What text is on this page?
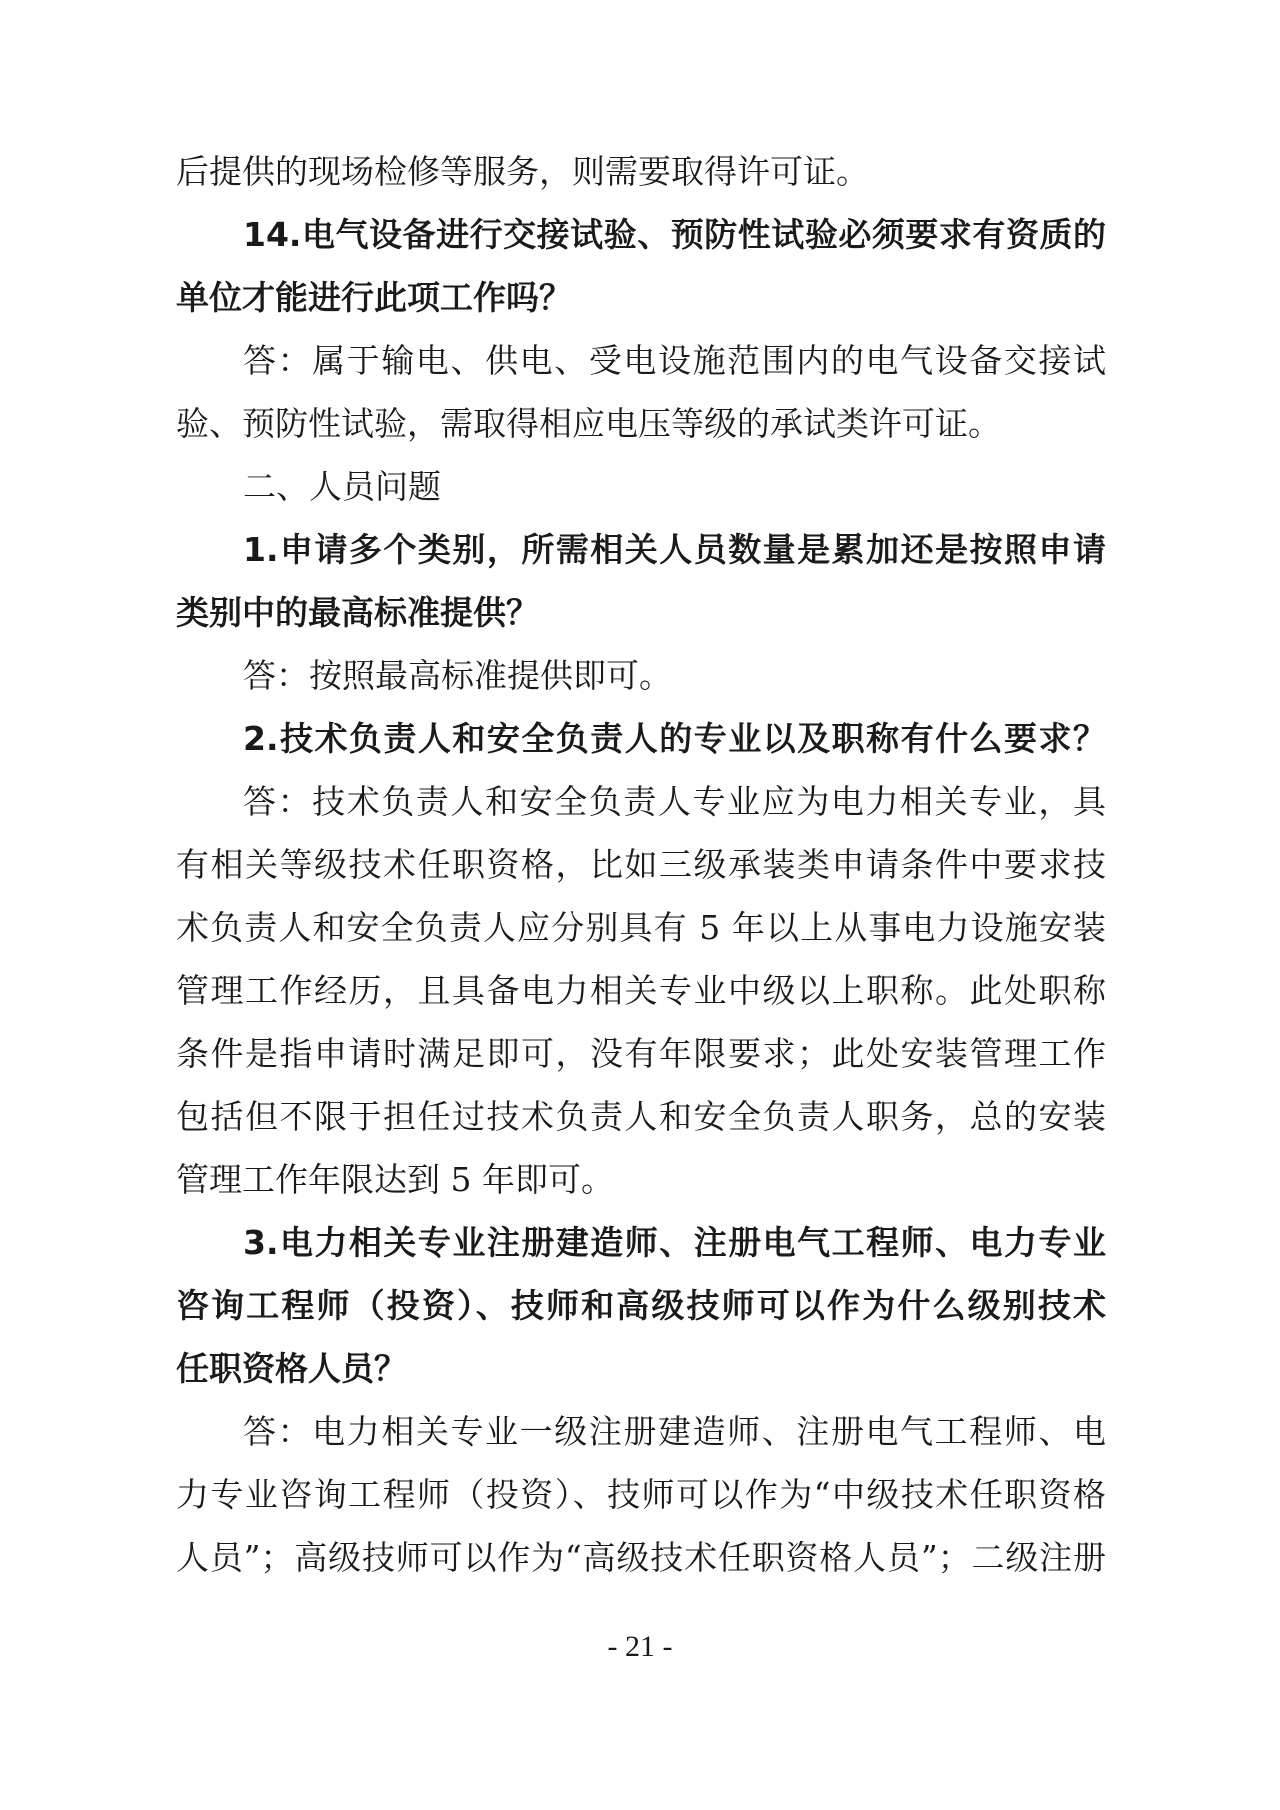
后提供的现场检修等服务，则需要取得许可证。
14.电气设备进行交接试验、预防性试验必须要求有资质的
单位才能进行此项工作吗？
答：属于输电、供电、受电设施范围内的电气设备交接试
验、预防性试验，需取得相应电压等级的承试类许可证。
二、人员问题
1.申请多个类别，所需相关人员数量是累加还是按照申请
类别中的最高标准提供？
答：按照最高标准提供即可。
2.技术负责人和安全负责人的专业以及职称有什么要求？
答：技术负责人和安全负责人专业应为电力相关专业，具
有相关等级技术任职资格，比如三级承装类申请条件中要求技
术负责人和安全负责人应分别具有 5 年以上从事电力设施安装
管理工作经历，且具备电力相关专业中级以上职称。此处职称
条件是指申请时满足即可，没有年限要求；此处安装管理工作
包括但不限于担任过技术负责人和安全负责人职务，总的安装
管理工作年限达到 5 年即可。
3.电力相关专业注册建造师、注册电气工程师、电力专业
咨询工程师（投资）、技师和高级技师可以作为什么级别技术
任职资格人员？
答：电力相关专业一级注册建造师、注册电气工程师、电
力专业咨询工程师（投资）、技师可以作为“中级技术任职资格
人员”；高级技师可以作为“高级技术任职资格人员”；二级注册
- 21 -
